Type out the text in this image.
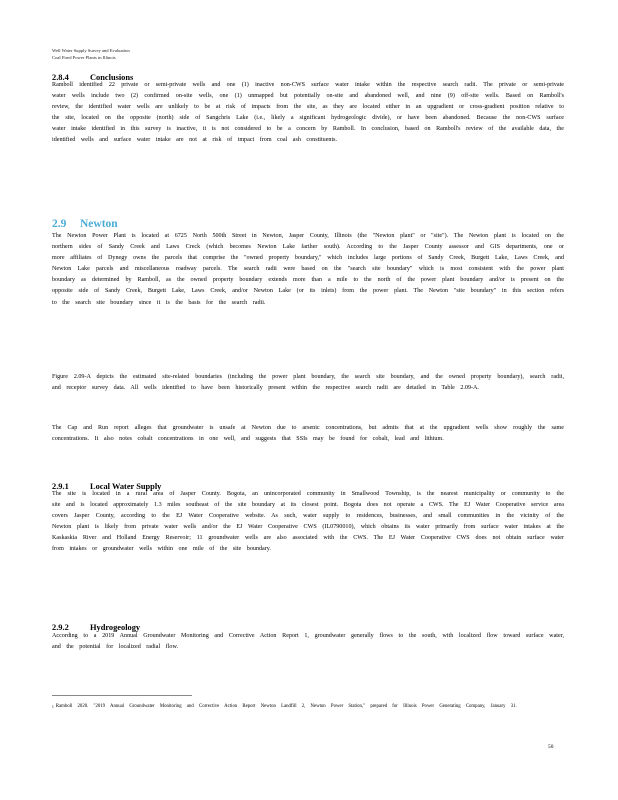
Well Water Supply Survey and Evaluation
Coal Fired Power Plants in Illinois
2.8.4	Conclusions

Ramboll identified 22 private or semi-private wells and one (1) inactive non-CWS surface water intake within the respective search radii. The private or semi-private water wells include two (2) confirmed on-site wells, one (1) unmapped but potentially on-site and abandoned well, and nine (9) off-site wells. Based on Ramboll's review, the identified water wells are unlikely to be at risk of impacts from the site, as they are located either in an upgradient or cross-gradient position relative to the site, located on the opposite (north) side of Sangchris Lake (i.e., likely a significant hydrogeologic divide), or have been abandoned. Because the non-CWS surface water intake identified in this survey is inactive, it is not considered to be a concern by Ramboll. In conclusion, based on Ramboll's review of the available data, the identified wells and surface water intake are not at risk of impact from coal ash constituents.

2.9 Newton

The Newton Power Plant is located at 6725 North 500th Street in Newton, Jasper County, Illinois (the "Newton plant" or "site"). The Newton plant is located on the northern sides of Sandy Creek and Laws Creck (which becomes Newton Lake farther south). According to the Jasper County assessor and GIS departments, one or more affiliates of Dynegy owns the parcels that comprise the "owned property boundary," which includes large portions of Sandy Creek, Burgett Lake, Laws Creek, and Newton Lake parcels and miscellaneous roadway parcels. The search radii were based on the "search site boundary" which is most consistent with the power plant boundary as determined by Ramboll, as the owned property boundary extends more than a mile to the north of the power plant boundary and/or is present on the opposite side of Sandy Creek, Burgett Lake, Laws Creek, and/or Newton Lake (or its inlets) from the power plant. The Newton "site boundary" in this section refers to the search site boundary since it is the basis for the search radii.

Figure 2.09-A depicts the estimated site-related boundaries (including the power plant boundary, the search site boundary, and the owned property boundary), search radii, and receptor survey data. All wells identified to have been historically present within the respective search radii are detailed in Table 2.09-A.

The Cap and Run report alleges that groundwater is unsafe at Newton due to arsenic concentrations, but admits that at the upgradient wells show roughly the same concentrations. It also notes cobalt concentrations in one well, and suggests that SSIs may be found for cobalt, lead and lithium.

2.9.1	Local Water Supply

The site is located in a rural area of Jasper County. Bogota, an unincorporated community in Smallwood Township, is the nearest municipality or community to the site and is located approximately 1.3 miles southeast of the site boundary at its closest point. Bogota does not operate a CWS. The EJ Water Cooperative service area covers Jasper County, according to the EJ Water Cooperative website. As such, water supply to residences, businesses, and small communities in the vicinity of the Newton plant is likely from private water wells and/or the EJ Water Cooperative CWS (IL0790010), which obtains its water primarily from surface water intakes at the Kaskaskia River and Holland Energy Reservoir; 11 groundwater wells are also associated with the CWS. The EJ Water Cooperative CWS does not obtain surface water from intakes or groundwater wells within one mile of the site boundary.

2.9.2	Hydrogeology

According to a 2019 Annual Groundwater Monitoring and Corrective Action Report 1, groundwater generally flows to the south, with localized flow toward surface water, and the potential for localized radial flow.

$^1$ Ramboll 2020. "2019 Annual Groundwater Monitoring and Corrective Action Report Newton Landfill 2, Newton Power Station," prepared for Illinois Power Generating Company, January 31.
50
